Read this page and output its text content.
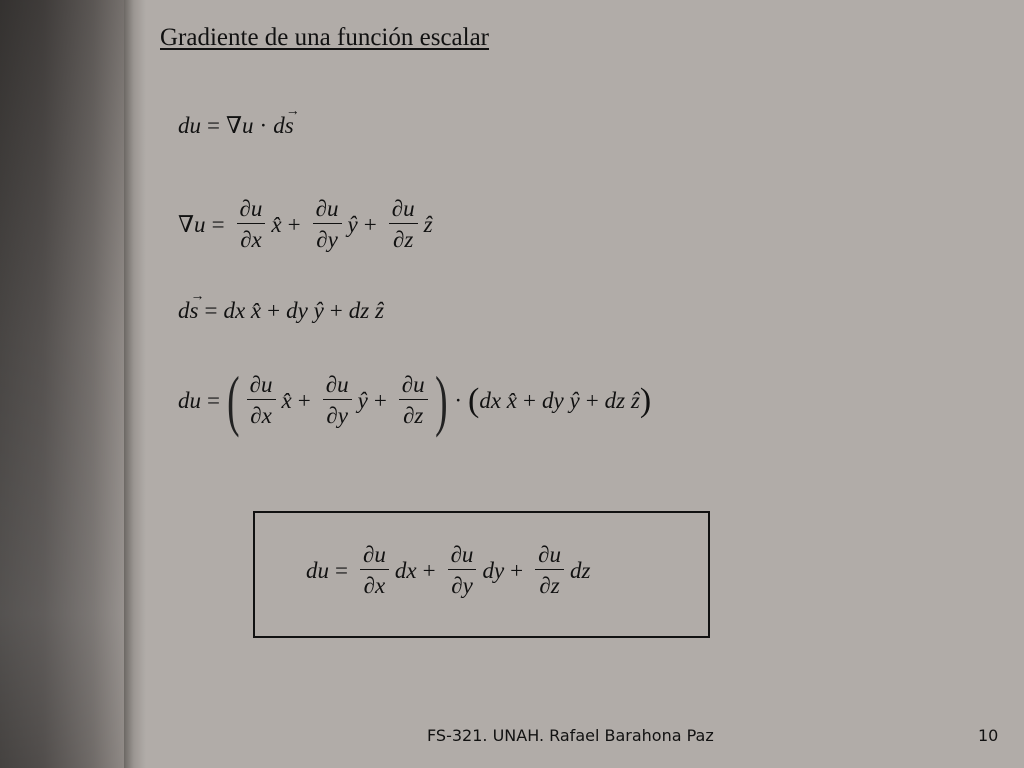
Gradiente de una función escalar
du = ∇u · d
→
s
$\nabla u = \frac{\partial u}{\partial x}$ x̂ + $\frac{\partial u}{\partial y}$ ŷ + $\frac{\partial u}{\partial z}$ ẑ
d
→
s = dx
x̂ + dy
ŷ + dz
ẑ
du = ( $\frac{\partial u}{\partial x}$ x̂ + $\frac{\partial u}{\partial y}$ ŷ + $\frac{\partial u}{\partial z}$ ) · ( dx
x̂ + dy
ŷ + dz
ẑ )
du = $\frac{\partial u}{\partial x}$ dx + $\frac{\partial u}{\partial y}$ dy + $\frac{\partial u}{\partial z}$ dz
FS-321. UNAH. Rafael Barahona Paz	10
